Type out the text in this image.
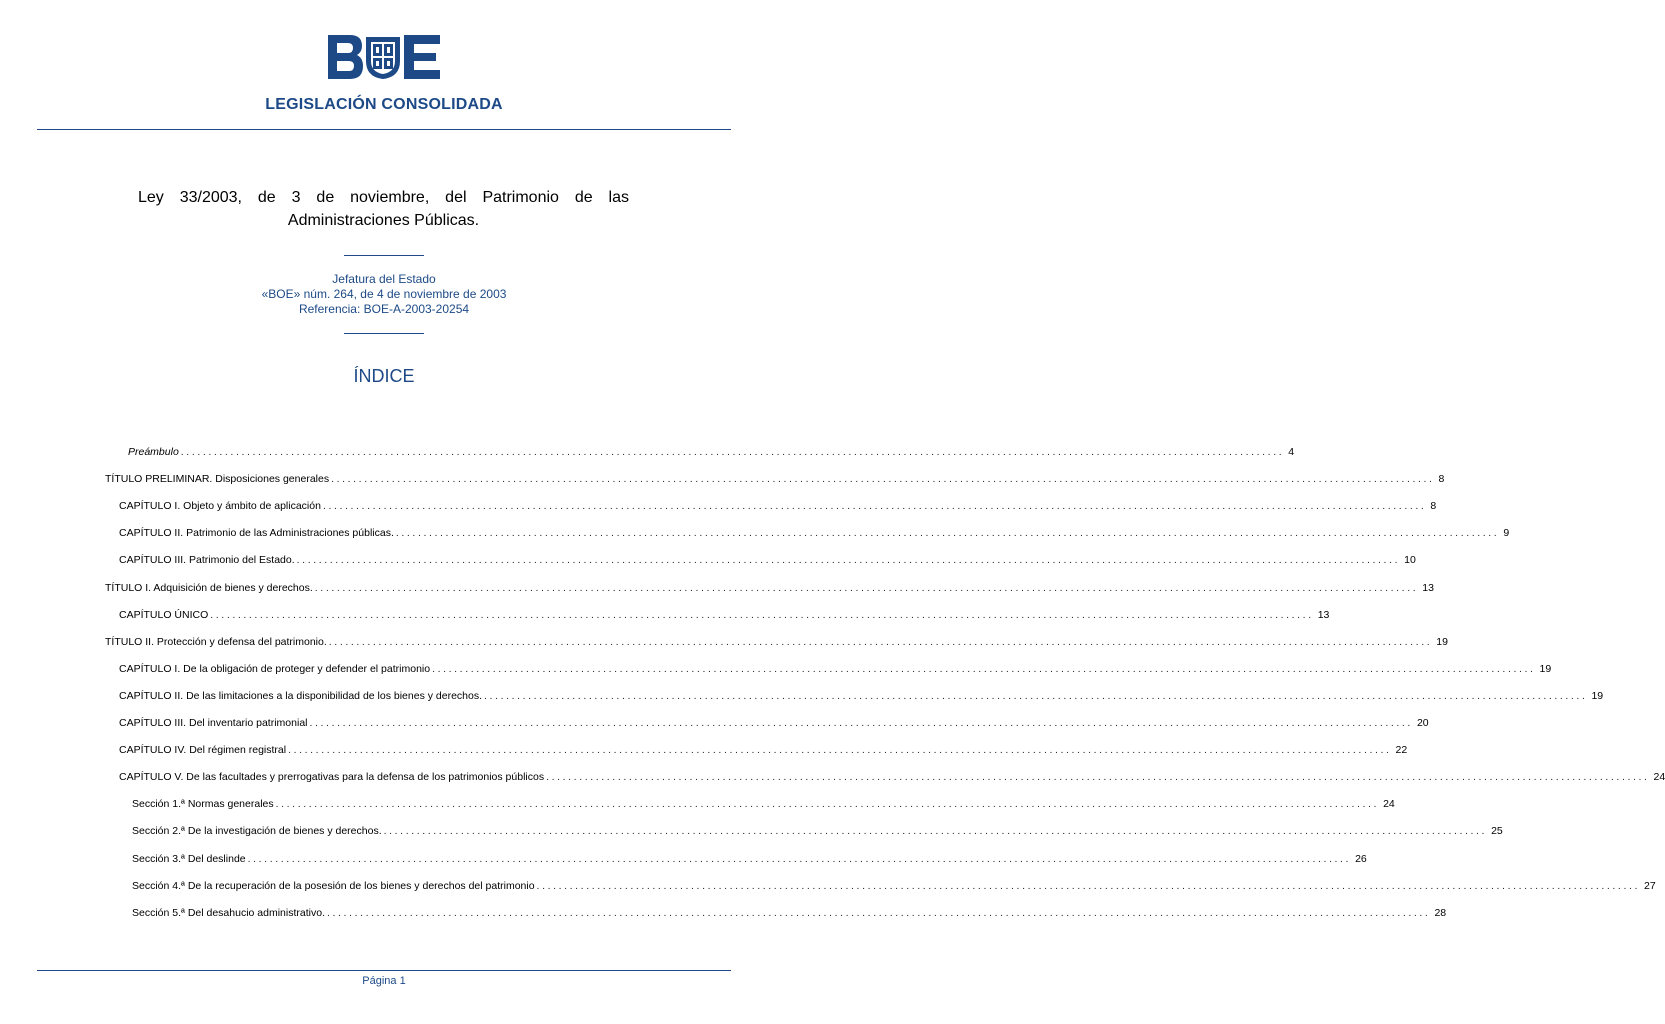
LEGISLACIÓN CONSOLIDADA
Ley 33/2003, de 3 de noviembre, del Patrimonio de las
Administraciones Públicas.
Jefatura del Estado
«BOE» núm. 264, de 4 de noviembre de 2003
Referencia: BOE-A-2003-20254
ÍNDICE
Preámbulo ........................................................................................................................................................................................................ 4
TÍTULO PRELIMINAR. Disposiciones generales ........................................................................................................................................................................................................ 8
CAPÍTULO I. Objeto y ámbito de aplicación ........................................................................................................................................................................................................ 8
CAPÍTULO II. Patrimonio de las Administraciones públicas. ........................................................................................................................................................................................................ 9
CAPÍTULO III. Patrimonio del Estado. ........................................................................................................................................................................................................ 10
TÍTULO I. Adquisición de bienes y derechos. ........................................................................................................................................................................................................ 13
CAPÍTULO ÚNICO ........................................................................................................................................................................................................ 13
TÍTULO II. Protección y defensa del patrimonio. ........................................................................................................................................................................................................ 19
CAPÍTULO I. De la obligación de proteger y defender el patrimonio ........................................................................................................................................................................................................ 19
CAPÍTULO II. De las limitaciones a la disponibilidad de los bienes y derechos. ........................................................................................................................................................................................................ 19
CAPÍTULO III. Del inventario patrimonial ........................................................................................................................................................................................................ 20
CAPÍTULO IV. Del régimen registral ........................................................................................................................................................................................................ 22
CAPÍTULO V. De las facultades y prerrogativas para la defensa de los patrimonios públicos ........................................................................................................................................................................................................ 24
Sección 1.ª Normas generales ........................................................................................................................................................................................................ 24
Sección 2.ª De la investigación de bienes y derechos. ........................................................................................................................................................................................................ 25
Sección 3.ª Del deslinde ........................................................................................................................................................................................................ 26
Sección 4.ª De la recuperación de la posesión de los bienes y derechos del patrimonio ........................................................................................................................................................................................................ 27
Sección 5.ª Del desahucio administrativo. ........................................................................................................................................................................................................ 28
Página 1
